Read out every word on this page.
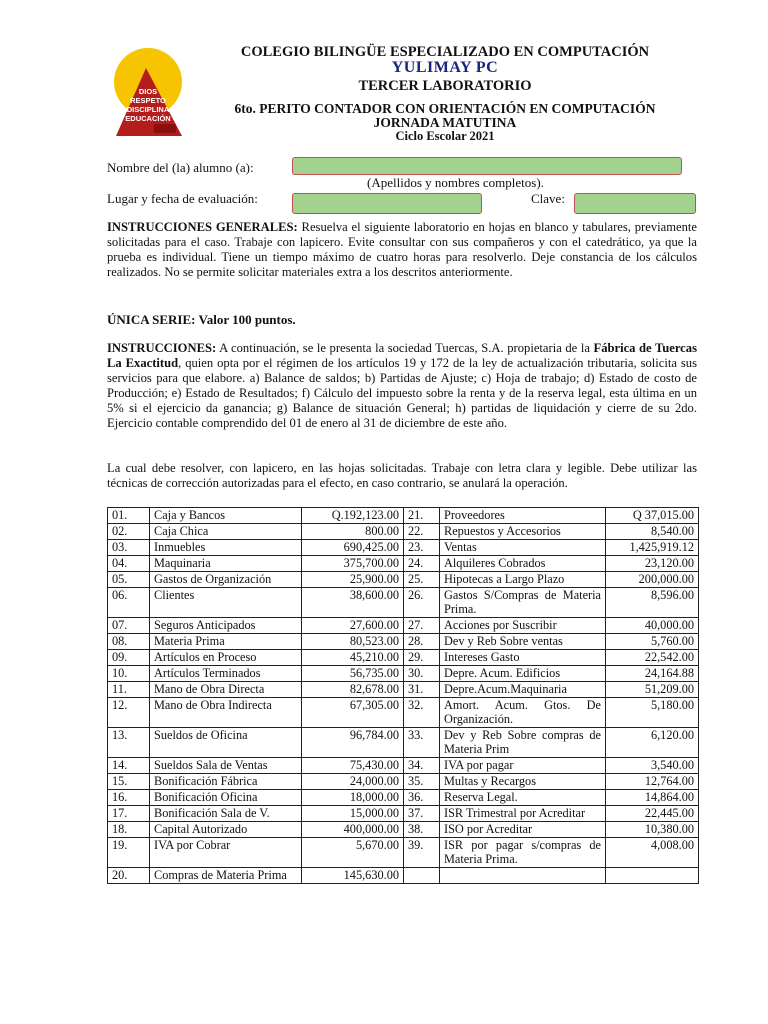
DIOS
RESPETO
DISCIPLINA
EDUCACIÓN
COLEGIO BILINGÜE ESPECIALIZADO EN COMPUTACIÓN
YULIMAY PC
TERCER LABORATORIO
6to. PERITO CONTADOR CON ORIENTACIÓN EN COMPUTACIÓN
JORNADA MATUTINA
Ciclo Escolar 2021
Nombre del (la) alumno (a):
(Apellidos y nombres completos).
Lugar y fecha de evaluación:	Clave:
INSTRUCCIONES GENERALES: Resuelva el siguiente laboratorio en hojas en blanco y tabulares, previamente solicitadas para el caso. Trabaje con lapicero. Evite consultar con sus compañeros y con el catedrático, ya que la prueba es individual. Tiene un tiempo máximo de cuatro horas para resolverlo. Deje constancia de los cálculos realizados. No se permite solicitar materiales extra a los descritos anteriormente.
ÚNICA SERIE: Valor 100 puntos.
INSTRUCCIONES: A continuación, se le presenta la sociedad Tuercas, S.A. propietaria de la Fábrica de Tuercas La Exactitud, quien opta por el régimen de los artículos 19 y 172 de la ley de actualización tributaria, solicita sus servicios para que elabore. a) Balance de saldos; b) Partidas de Ajuste; c) Hoja de trabajo; d) Estado de costo de Producción; e) Estado de Resultados; f) Cálculo del impuesto sobre la renta y de la reserva legal, esta última en un 5% si el ejercicio da ganancia; g) Balance de situación General; h) partidas de liquidación y cierre de su 2do. Ejercicio contable comprendido del 01 de enero al 31 de diciembre de este año.
La cual debe resolver, con lapicero, en las hojas solicitadas. Trabaje con letra clara y legible. Debe utilizar las técnicas de corrección autorizadas para el efecto, en caso contrario, se anulará la operación.
01.	Caja y Bancos	Q.192,123.00	21.	Proveedores	Q 37,015.00
02.	Caja Chica	800.00	22.	Repuestos y Accesorios	8,540.00
03.	Inmuebles	690,425.00	23.	Ventas	1,425,919.12
04.	Maquinaria	375,700.00	24.	Alquileres Cobrados	23,120.00
05.	Gastos de Organización	25,900.00	25.	Hipotecas a Largo Plazo	200,000.00
06.	Clientes	38,600.00	26.	Gastos S/Compras de Materia Prima.	8,596.00
07.	Seguros Anticipados	27,600.00	27.	Acciones por Suscribir	40,000.00
08.	Materia Prima	80,523.00	28.	Dev y Reb Sobre ventas	5,760.00
09.	Artículos en Proceso	45,210.00	29.	Intereses Gasto	22,542.00
10.	Artículos Terminados	56,735.00	30.	Depre. Acum. Edificios	24,164.88
11.	Mano de Obra Directa	82,678.00	31.	Depre.Acum.Maquinaria	51,209.00
12.	Mano de Obra Indirecta	67,305.00	32.	Amort. Acum. Gtos. De Organización.	5,180.00
13.	Sueldos de Oficina	96,784.00	33.	Dev y Reb Sobre compras de Materia Prim	6,120.00
14.	Sueldos Sala de Ventas	75,430.00	34.	IVA por pagar	3,540.00
15.	Bonificación Fábrica	24,000.00	35.	Multas y Recargos	12,764.00
16.	Bonificación Oficina	18,000.00	36.	Reserva Legal.	14,864.00
17.	Bonificación Sala de V.	15,000.00	37.	ISR Trimestral por Acreditar	22,445.00
18.	Capital Autorizado	400,000.00	38.	ISO por Acreditar	10,380.00
19.	IVA por Cobrar	5,670.00	39.	ISR por pagar s/compras de Materia Prima.	4,008.00
20.	Compras de Materia Prima	145,630.00			
